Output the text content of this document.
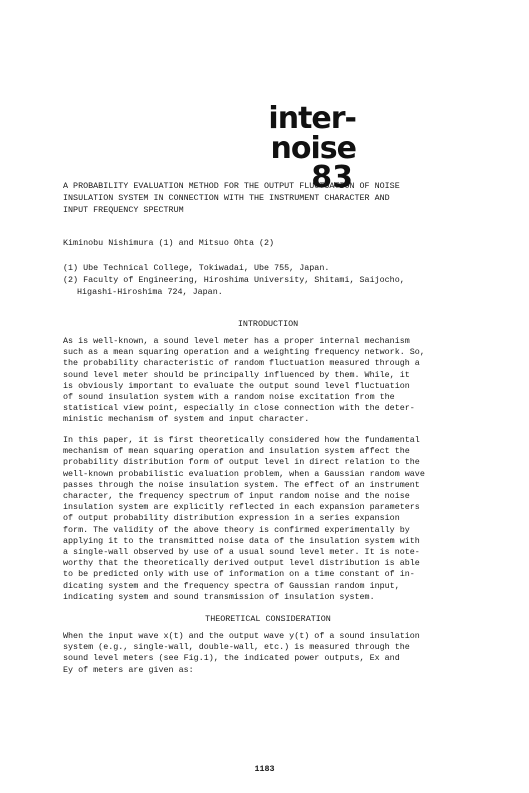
inter-noise
83

A PROBABILITY EVALUATION METHOD FOR THE OUTPUT FLUCTUATION OF NOISE

INSULATION SYSTEM IN CONNECTION WITH THE INSTRUMENT CHARACTER AND

INPUT FREQUENCY SPECTRUM

Kiminobu Nishimura (1) and Mitsuo Ohta (2)

(1) Ube Technical College, Tokiwadai, Ube 755, Japan.

(2) Faculty of Engineering, Hiroshima University, Shitami, Saijocho,

Higashi-Hiroshima 724, Japan.

INTRODUCTION

As is well-known, a sound level meter has a proper internal mechanism

such as a mean squaring operation and a weighting frequency network. So,

the probability characteristic of random fluctuation measured through a

sound level meter should be principally influenced by them. While, it

is obviously important to evaluate the output sound level fluctuation

of sound insulation system with a random noise excitation from the

statistical view point, especially in close connection with the deter-

ministic mechanism of system and input character.

In this paper, it is first theoretically considered how the fundamental

mechanism of mean squaring operation and insulation system affect the

probability distribution form of output level in direct relation to the

well-known probabilistic evaluation problem, when a Gaussian random wave

passes through the noise insulation system. The effect of an instrument

character, the frequency spectrum of input random noise and the noise

insulation system are explicitly reflected in each expansion parameters

of output probability distribution expression in a series expansion

form. The validity of the above theory is confirmed experimentally by

applying it to the transmitted noise data of the insulation system with

a single-wall observed by use of a usual sound level meter. It is note-

worthy that the theoretically derived output level distribution is able

to be predicted only with use of information on a time constant of in-

dicating system and the frequency spectra of Gaussian random input,

indicating system and sound transmission of insulation system.

THEORETICAL CONSIDERATION

When the input wave x(t) and the output wave y(t) of a sound insulation

system (e.g., single-wall, double-wall, etc.) is measured through the

sound level meters (see Fig.1), the indicated power outputs, Ex and

Ey of meters are given as:

1183
